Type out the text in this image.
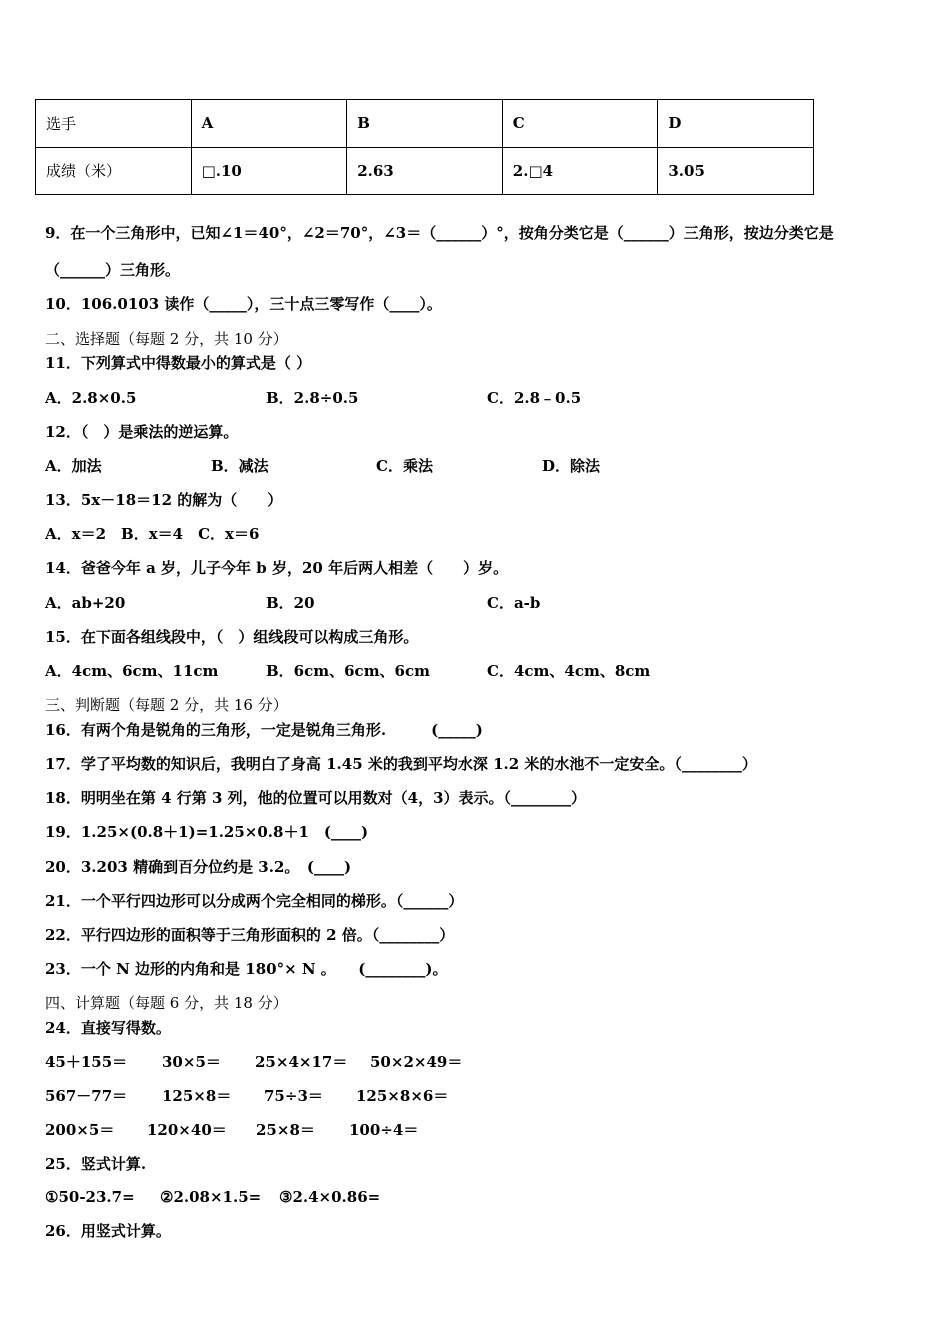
选手	A	B	C	D
成绩（米）	□.10	2.63	2.□4	3.05
9．在一个三角形中，已知∠1＝40°，∠2＝70°，∠3＝（______）°，按角分类它是（______）三角形，按边分类它是
（______）三角形。
10．106.0103 读作（_____），三十点三零写作（____）。
二、选择题（每题 2 分，共 10 分）
11．下列算式中得数最小的算式是（ ）
A．2.8×0.5	B．2.8÷0.5	C．2.8﹣0.5
12．（　）是乘法的逆运算。
A．加法	B．减法	C．乘法	D．除法
13．5x－18＝12 的解为（　　）
A．x＝2　B．x＝4　C．x＝6
14．爸爸今年 a 岁，儿子今年 b 岁，20 年后两人相差（　　）岁。
A．ab+20	B．20	C．a-b
15．在下面各组线段中，（　）组线段可以构成三角形。
A．4cm、6cm、11cm	B．6cm、6cm、6cm	C．4cm、4cm、8cm
三、判断题（每题 2 分，共 16 分）
16．有两个角是锐角的三角形，一定是锐角三角形.　　　(_____)
17．学了平均数的知识后，我明白了身高 1.45 米的我到平均水深 1.2 米的水池不一定安全。（________）
18．明明坐在第 4 行第 3 列，他的位置可以用数对（4，3）表示。（________）
19．1.25×(0.8＋1)=1.25×0.8＋1　(____)
20．3.203 精确到百分位约是 3.2。　(____)
21．一个平行四边形可以分成两个完全相同的梯形。（______）
22．平行四边形的面积等于三角形面积的 2 倍。（________）
23．一个 N 边形的内角和是 180°× N 。　　(________)。
四、计算题（每题 6 分，共 18 分）
24．直接写得数。
45＋155＝ 30×5＝ 25×4×17＝ 50×2×49＝
567－77＝ 125×8＝ 75÷3＝ 125×8×6＝
200×5＝ 120×40＝ 25×8＝ 100÷4＝
25．竖式计算.
①50-23.7= ②2.08×1.5= ③2.4×0.86=
26．用竖式计算。
